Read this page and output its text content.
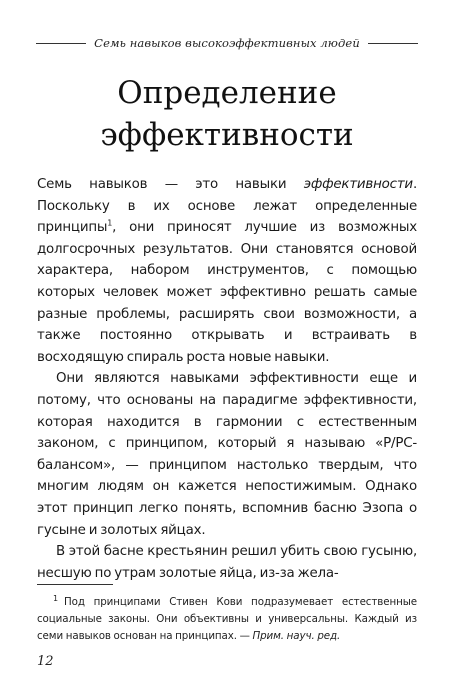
Семь навыков высокоэффективных людей
Определение
эффективности

Семь навыков — это навыки эффективности. Поскольку в их основе лежат определенные принципы$^1$, они приносят лучшие из возможных долгосрочных результатов. Они становятся основой характера, набором инструментов, с помощью которых человек может эффективно решать самые разные проблемы, расширять свои возможности, а также постоянно открывать и встраивать в восходящую спираль роста новые навыки.

Они являются навыками эффективности еще и потому, что основаны на парадигме эффективности, которая находится в гармонии с естественным законом, с принципом, который я называю «P/PC-балансом», — принципом настолько твердым, что многим людям он кажется непостижимым. Однако этот принцип легко понять, вспомнив басню Эзопа о гусыне и золотых яйцах.

В этой басне крестьянин решил убить свою гусыню, несшую по утрам золотые яйца, из-за жела-

$^1$ Под принципами Стивен Кови подразумевает естественные социальные законы. Они объективны и универсальны. Каждый из семи навыков основан на принципах. — Прим. науч. ред.

12
